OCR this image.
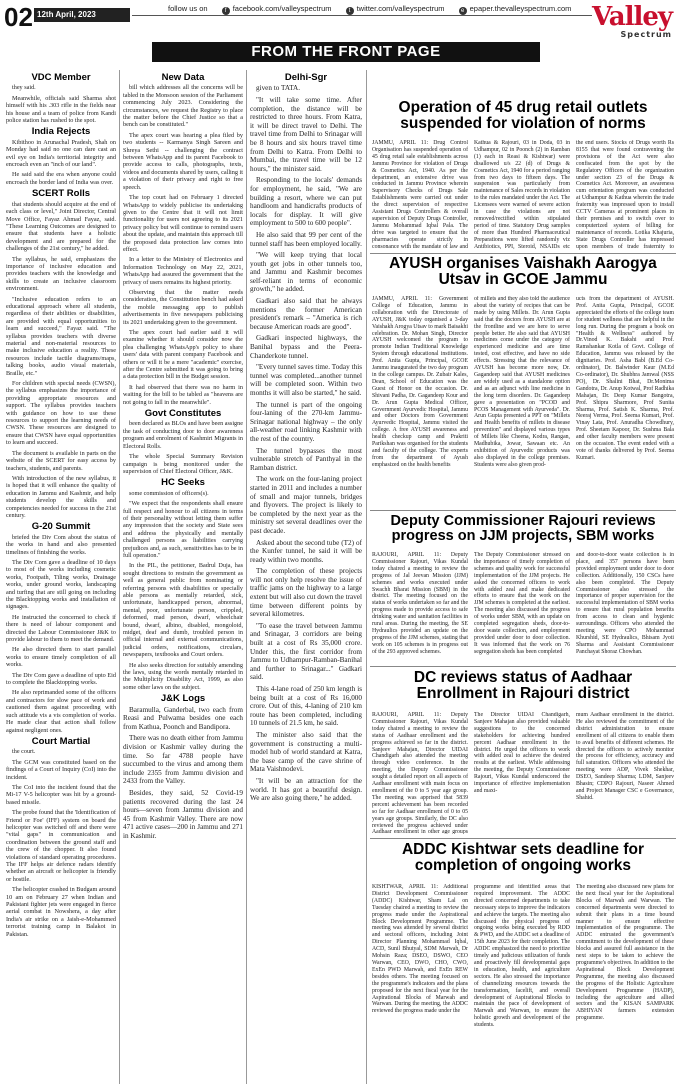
02 12th April, 2023
follow us on	f facebook.com/valleyspectrum	t twitter.com/valleyspectrum	e epaper.thevalleyspectrum.com Valley
Spectrum
FROM THE FRONT PAGE
VDC Member

they said.

Meanwhile, officials said Sharma shot himself with his .303 rifle in the fields near his house and a team of police from Kandi police station has rushed to the spot.

India Rejects

Kibithoo in Arunachal Pradesh, Shah on Monday had said no one can dare cast an evil eye on India's territorial integrity and encroach even an "inch of our land".

He said said the era when anyone could encroach the border land of India was over.

SCERT Rolls

that students should acquire at the end of each class or level," Joint Director, Central Move Office, Fayaz Ahmad Fayaz, said. "These Learning Outcomes are designed to ensure that students have a holistic development and are prepared for the challenges of the 21st century," he added.

The syllabus, he said, emphasizes the importance of inclusive education and provides teachers with the knowledge and skills to create an inclusive classroom environment.

"Inclusive education refers to an educational approach where all students, regardless of their abilities or disabilities, are provided with equal opportunities to learn and succeed," Fayaz said. "The syllabus provides teachers with diverse material and non-material resources to make inclusive education a reality. These resources include tactile diagrams/maps, talking books, audio visual materials, Braille, etc."

For children with special needs (CWSN), the syllabus emphasizes the importance of providing appropriate resources and support. The syllabus provides teachers with guidance on how to use these resources to support the learning needs of CWSN. These resources are designed to ensure that CWSN have equal opportunities to learn and succeed.

The document is available in parts on the website of the SCERT for easy access by teachers, students, and parents.

With introduction of the new syllabus, it is hoped that it will enhance the quality of education in Jammu and Kashmir, and help students develop the skills and competencies needed for success in the 21st century.

G-20 Summit

briefed the Div Com about the status of the works in hand and also presented timelines of finishing the works.

The Div Com gave a deadline of 10 days to most of the works including cosmetic works, Footpath, Tiling works, Drainage works, under ground works, landscaping and turfing that are still going on including the Blacktopping works and installation of signages.

He instructed the concerned to check if there is need of labour component and directed the Labour Commissioner J&K to provide labour to them to meet the demand.

He also directed them to start parallel works to ensure timely completion of all works.

The Div Com gave a deadline of upto Eid to complete the Blacktopping works.

He also reprimanded some of the officers and contractors for slow pace of work and cautioned them against proceeding with such attitude vis a vis completion of works. He made clear that action shall follow against negligent ones.

Court Martial

the court.

The GCM was constituted based on the findings of a Court of Inquiry (CoI) into the incident.

The CoI into the incident found that the Mi-17 V-5 helicopter was hit by a ground-based missile.

The probe found that the 'Identification of Friend or Foe' (IFF) system on board the helicopter was switched off and there were "vital gaps" in communication and coordination between the ground staff and the crew of the chopper. It also found violations of standard operating procedures. The IFF helps air defence radars identify whether an aircraft or helicopter is friendly or hostile.

The helicopter crashed in Budgam around 10 am on February 27 when Indian and Pakistani fighter jets were engaged in fierce aerial combat in Nowshera, a day after India's air strike on a Jaish-e-Mohammed terrorist training camp in Balakot in Pakistan.

New Data

bill which addresses all the concerns will be tabled in the Monsoon session of the Parliament commencing July 2023. Considering the circumstances, we request the Registry to place the matter before the Chief Justice so that a bench can be constituted."

The apex court was hearing a plea filed by two students -- Karmanya Singh Sareen and Shreya Sethi -- challenging the contract between WhatsApp and its parent Facebook to provide access to calls, photographs, texts, videos and documents shared by users, calling it a violation of their privacy and right to free speech.

The top court had on February 1 directed WhatsApp to widely publicise its undertaking given to the Centre that it will not limit functionality for users not agreeing to its 2021 privacy policy but will continue to remind users about the update, and maintain this approach till the proposed data protection law comes into effect.

In a letter to the Ministry of Electronics and Information Technology on May 22, 2021, WhatsApp had assured the government that the privacy of users remains its highest priority.

Observing that the matter needs consideration, the Constitution bench had asked the mobile messaging app to publish advertisements in five newspapers publicising its 2021 undertaking given to the government.

The apex court had earlier said it will examine whether it should consider now the plea challenging WhatsApp's policy to share users' data with parent company Facebook and others or will it be a mere "academic" exercise, after the Centre submitted it was going to bring a data protection bill in the Budget session.

It had observed that there was no harm in waiting for the bill to be tabled as "heavens are not going to fall in the meanwhile".

Govt Constitutes

been declared as BLOs and have been assigne the task of conducting door to door awareness program and enrolment of Kashmiri Migrants in Electoral Rolls.

The whole Special Summary Revision campaign is being monitored under the supervision of Chief Electoral Officer, J&K.

HC Seeks

some commission of officers(s).

"We expect that the respondents shall ensure full respect and honour to all citizens in terms of their personality without letting them suffer any impression that the society and State sees and address the physically and mentally challenged persons as liabilities carrying prejudices and, as such, sensitivities has to be in full operation."

In the PIL, the petitioner, Badrul Duja, has sought directions to restrain the government as well as general public from nominating or referring persons with disabilities or specially able persons as mentally retarded, sick, unfortunate, handicapped person, abnormal, mental, poor, unfortunate person, crippled, deformed, mad person, dwarf, wheelchair bound, dwarf, albino, disabled, mongoloid, midget, deaf and dumb, troubled person in official internal and external communications, judicial orders, notifications, circulars, newspapers, textbooks and Court orders.

He also seeks direction for suitably amending the laws, using the words mentally retarded in the Multiplicity Disability Act, 1999, as also some other laws on the subject.

J&K Logs

Baramulla, Ganderbal, two each from Reasi and Pulwama besides one each from Kathua, Poonch and Bandipora.

There was no death either from Jammu division or Kashmir valley during the time. So far 4788 people have succumbed to the virus and among them include 2355 from Jammu division and 2433 from the Valley.

Besides, they said, 52 Covid-19 patients recovered during the last 24 hours—seven from Jammu division and 45 from Kashmir Valley. There are now 471 active cases—200 in Jammu and 271 in Kashmir.

Delhi-Sgr

given to TATA.

"It will take some time. After completion, the distance will be restricted to three hours. From Katra, it will be direct travel to Delhi. The travel time from Delhi to Srinagar will be 8 hours and six hours travel time from Delhi to Katra. From Delhi to Mumbai, the travel time will be 12 hours," the minister said.

Responding to the locals' demands for employment, he said, "We are building a resort, where we can put handloom and handicrafts products of locals for display. It will give employment to 500 to 600 people".

He also said that 99 per cent of the tunnel staff has been employed locally.

"We will keep trying that local youth get jobs in other tunnels too, and Jammu and Kashmir becomes self-reliant in terms of economic growth," he added.

Gadkari also said that he always mentions the former American president's remark – "America is rich because American roads are good".

Gadkari inspected highways, the Banihal bypass and the Peera-Chanderkote tunnel.

"Every tunnel saves time. Today this tunnel was completed...another tunnel will be completed soon. Within two months it will also be started," he said.

The tunnel is part of the ongoing four-laning of the 270-km Jammu-Srinagar national highway – the only all-weather road linking Kashmir with the rest of the country.

The tunnel bypasses the most vulnerable stretch of Panthyal in the Ramban district.

The work on the four-laning project started in 2011 and includes a number of small and major tunnels, bridges and flyovers. The project is likely to be completed by the next year as the ministry set several deadlines over the past decade.

Asked about the second tube (T2) of the Kunfer tunnel, he said it will be ready within two months.

The completion of these projects will not only help resolve the issue of traffic jams on the highway to a large extent but will also cut down the travel time between different points by several kilometres.

"To ease the travel between Jammu and Srinagar, 3 corridors are being built at a cost of Rs 35,000 crore. Under this, the first corridor from Jammu to Udhampur-Ramban-Banihal and further to Srinagar..." Gadkari said.

This 4-lane road of 250 km length is being built at a cost of Rs 16,000 crore. Out of this, 4-laning of 210 km route has been completed, including 10 tunnels of 21.5 km, he said.

The minister also said that the government is constructing a multi-model hub of world standard at Katra, the base camp of the cave shrine of Mata Vaishnodevi.

"It will be an attraction for the world. It has got a beautiful design. We are also going there," he added.

Operation of 45 drug retail outlets suspended for violation of norms
JAMMU, APRIL 11: Drug Control Organisation has suspended operation of 45 drug retail sale establishments across Jammu Province for violation of Drugs & Cosmetics Act, 1940. As per the department, an extensive drive was conducted in Jammu Province wherein Supervisory Checks of Drugs Sale Establishments were carried out under the direct supervision of respective Assistant Drugs Controllers & overall supervision of Deputy Drugs Controller, Jammu Mohammad Iqbal Pala. The drive was targeted to ensure that the pharmacies operate strictly in consonance with the mandate of law and
Kathua & Rajouri, 03 in Doda, 03 in Udhampur, 02 in Poonch (2) in Ramban (1) each in Reasi & Kishtwar) were disallowed u/s 22 (d) of Drugs & Cosmetics Act, 1940 for a period ranging from two days to fifteen days. The suspension was particularly from maintenance of Sales records in violation to the rules mandated under the Act. The Licensees were warned of severe action in case the violations are not removed/rectified within stipulated period of time. Statutory Drug samples of more than Hundred Pharmaceutical Preparations were lifted randomly viz Antibiotics, PPI, Steroid, NSAIDs etc
the end users. Stocks of Drugs worth Rs 8155 that were found contravening the provisions of the Act were also confiscated from the spot by the Regulatory Officers of the organization under section 23 of the Drugs & Cosmetics Act. Moreover, an awareness cum orientation program was conducted at Udhampur & Kathua wherein the trade fraternity was impressed upon to install CCTV Cameras at prominent places in their premises and to switch over to computerized system of billing for maintenance of records. Lotika Khajuria, State Drugs Controller has impressed upon members of trade fraternity to
AYUSH organises Vaishakh Aarogya Utsav in GCOE Jammu
JAMMU, APRIL 11: Government College of Education, Jammu in collaboration with the Directorate of AYUSH, J&K today organised a 3-day Vaishakh Arogya Utsav to mark Baisakhi celebration. Dr. Mohan Singh, Director AYUSH welcomed the program to promote Indian Traditional Knowledge System through educational institutions. Prof. Anita Gupta, Principal, GCOE Jammu inaugurated the two day program in the college campus. Dr. Zubair Kales, Dean, School of Education was the Guest of Honor on the occasion. Dr. Shivani Padha, Dr. Gagandeep Kour and Dr. Arun Gupta Medical Officer, Government Ayurvedic Hospital, Jammu and other Doctors from Government Ayurvedic Hospital, Jammu visited the college. A free AYUSH awareness and health checkup camp and Prakriti Parikshan was organised for the students and faculty of the college. The experts from the department of Ayush emphasized on the health benefits
of millets and they also told the audience about the variety of recipes that can be made by using Millets. Dr. Arun Gupta said that the doctors from AYUSH are at the frontline and we are here to serve people better. He also said that AYUSH medicines come under the category of experienced medicine and are time tested, cost effective, and have no side effects. Stressing that the relevance of AYUSH has become more now, Dr. Gagandeep said that AYUSH medicines are widely used as a standalone option and as an adjunct with line medicine in the long term disorders. Dr. Gagandeep gave a presentation on "PCOD and PCOS Management with Ayurveda". Dr. Arun Gupta presented a PPT on "Millets and Health benefits of millets in disease prevention" and displayed various types of Millets like Cheena, Kodra, Rangan, Madhubika, Jowar, Sawaan etc. An exhibition of Ayurvedic products was also displayed in the college premises. Students were also given prod-
ucts from the department of AYUSH. Prof. Anita Gupta, Principal, GCOE appreciated the efforts of the college team for student wellness that are helpful in the long run. During the program a book on "Health & Wellness" authored by Dr.Vinod K. Bakshi and Prof. Ramshankar Kotla of Govt. College of Education, Jammu was released by the dignitaries. Prof. Asha Babl (B.Ed Co-ordinator), Dr. Balwinder Kaur (M.Ed Co-ordinator), Dr. Shubhra Jamwal (NSS PO), Dr. Shalini Bhat, Dr.Monima Gandotra, Dr. Anup Kotwal, Prof Radhika Mahajan, Dr. Deep Kumar Bangotra, Prof. Shipra Sharmore, Prof Sunita Sharma, Prof. Satish K. Sharma, Prof. Neeraj Verma, Prof. Seema Kumari, Prof. Vinay Lata, Prof. Anuradha Chowdhury, Prof. Sheetam Kapoor, Dr. Sushma Bala and other faculty members were present on the occasion. The event ended with a vote of thanks delivered by Prof. Seema Kumari.
Deputy Commissioner Rajouri reviews progress on JJM projects, SBM works
RAJOURI, APRIL 11: Deputy Commissioner Rajouri, Vikas Kundal today chaired a meeting to review the progress of Jal Jeevan Mission (JJM) schemes and works executed under Swachh Bharat Mission (SBM) in the district. The meeting focused on the status of works undertaken so far and the progress made to provide access to safe drinking water and sanitation facilities in rural areas. During the meeting, the SE Hydraulics provided an update on the progress of the JJM schemes, stating that work on 105 schemes is in progress out of the 293 approved schemes.
The Deputy Commissioner stressed on the importance of timely completion of schemes and quality work for successful implementation of the JJM projects. He asked the concerned officers to work with added zeal and make dedicated efforts to ensure that the work on the JJM schemes is completed at the earliest. The meeting also discussed the progress of works under SBM, with an update on completed segregation sheds, door-to-door waste collection, and employment provided under door to door collection. It was informed that the work on 76 segregation sheds has been completed
and door-to-door waste collection is in place, and 357 persons have been provided employment under door to door collection. Additionally, 150 CSCs have also been completed. The Deputy Commissioner also stressed the importance of proper supervision for the successful implementation of SBM works to ensure that rural population benefits from access to clean and hygienic surroundings. Officers who attended the meeting were CPO Mohammad Khurshid, SE Hydraulics, Bhisam Jyoti Sharma and Assistant Commissioner Panchayat Shoraz Chowhan.
DC reviews status of Aadhaar Enrollment in Rajouri district
RAJOURI, APRIL 11: Deputy Commissioner Rajouri, Vikas Kundal today chaired a meeting to review the status of Aadhaar enrollment and the progress achieved so far in the district. Sanjeev Mahajan, Director UIDAI Chandigarh also attended the meeting through video conference. In the meeting, the Deputy Commissioner sought a detailed report on all aspects of Aadhaar enrollment with main focus on enrollment of the 0 to 5 year age group. The meeting was apprised that 5839 percent achievement has been recorded so far for Aadhaar enrollment of 0 to 05 years age groups. Similarly, the DC also reviewed the progress achieved under Aadhaar enrollment in other age groups
The Director UIDAI Chandigarh, Sanjeev Mahajan also provided valuable suggestions to the concerned stakeholders for achieving hundred percent Aadhaar enrollment in the district. He urged the officers to work with added zeal to achieve the desired results at the earliest. While addressing the meeting, the Deputy Commissioner Rajouri, Vikas Kundal underscored the importance of effective implementation and maxi-
mum Aadhaar enrollment in the district. He also reviewed the commitment of the district administration to ensure enrollment of all citizens to enable them to avail benefits of different schemes. He directed the officers to actively monitor the process for efficiency, accuracy and full saturation. Officers who attended the meeting were ADP, Vivek Shekhar, DSEO, Sandeep Sharma; LDM, Sanjeev Bhasin; CDPO Rajouri, Naseer Ahmed and Project Manager CSC e Governance, Shahid.
ADDC Kishtwar sets deadline for completion of ongoing works
KISHTWAR, APRIL 11: Additional District Development Commissioner (ADDC) Kishtwar, Sham Lal on Tuesday chaired a meeting to review the progress made under the Aspirational Block Development Programme. The meeting was attended by several district and sectoral officers, including Joint Director Planning Mohammad Iqbal, ACD, Sunil Bhutyal, SDM Marwah, Dr Mohsin Raza; DSEO, DSWO, CEO Warwan, CEO, DWO, CHO, CWO, ExEn PWD Marwah, and ExEn REW besides others. The meeting focused on the programme's indicators and the plans proposed for the next fiscal year for the Aspirational Blocks of Marwah and Warwan. During the meeting, the ADDC reviewed the progress made under the
programme and identified areas that required improvement. The ADDC directed concerned departments to take necessary steps to improve the indicators and achieve the targets. The meeting also discussed the physical progress of ongoing works being executed by RDD & PWD, and the ADDC set a deadline of 15th June 2023 for their completion. The ADDC emphasized the need to prioritize timely and judicious utilization of funds and proactively fill developmental gaps in education, health, and agriculture sectors. He also stressed the importance of channelizing resources towards the transformation, facelift, and overall development of Aspirational Blocks to maintain the pace of development of Marwah and Warwan, to ensure the holistic growth and development of the students.
The meeting also discussed new plans for the next fiscal year for the Aspirational Blocks of Marwah and Warwan. The concerned departments were directed to submit their plans in a time bound manner to ensure effective implementation of the programme. The ADDC entrusted the government's commitment to the development of these blocks and assured full assistance in the next steps to be taken to achieve the programme's objectives. In addition to the Aspirational Block Development Programme, the meeting also discussed the progress of the Holistic Agriculture Development Programme (HADP), including the agriculture and allied sectors and the KISAN SAMPARK ABHIYAN farmers extension programme.
